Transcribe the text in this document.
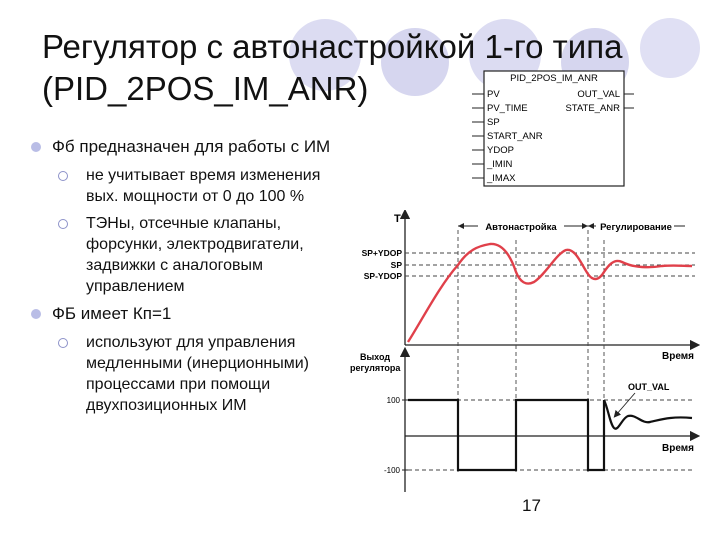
Регулятор с автонастройкой 1-го типа
(PID_2POS_IM_ANR)
Фб предназначен для работы с ИМ
не учитывает время изменения вых. мощности от 0 до 100 %
ТЭНы, отсечные клапаны, форсунки, электродвигатели, задвижки с аналоговым управлением
ФБ имеет Кп=1
используют для управления медленными (инерционными) процессами при помощи двухпозиционных ИМ
PID_2POS_IM_ANR
PV
PV_TIME
SP
START_ANR
YDOP
_IMIN
_IMAX
OUT_VAL
STATE_ANR
T
Время
Автонастройка	Регулирование
SP+YDOP
SP
SP-YDOP
Выход
регулятора
Время
100
-100
OUT_VAL
17
